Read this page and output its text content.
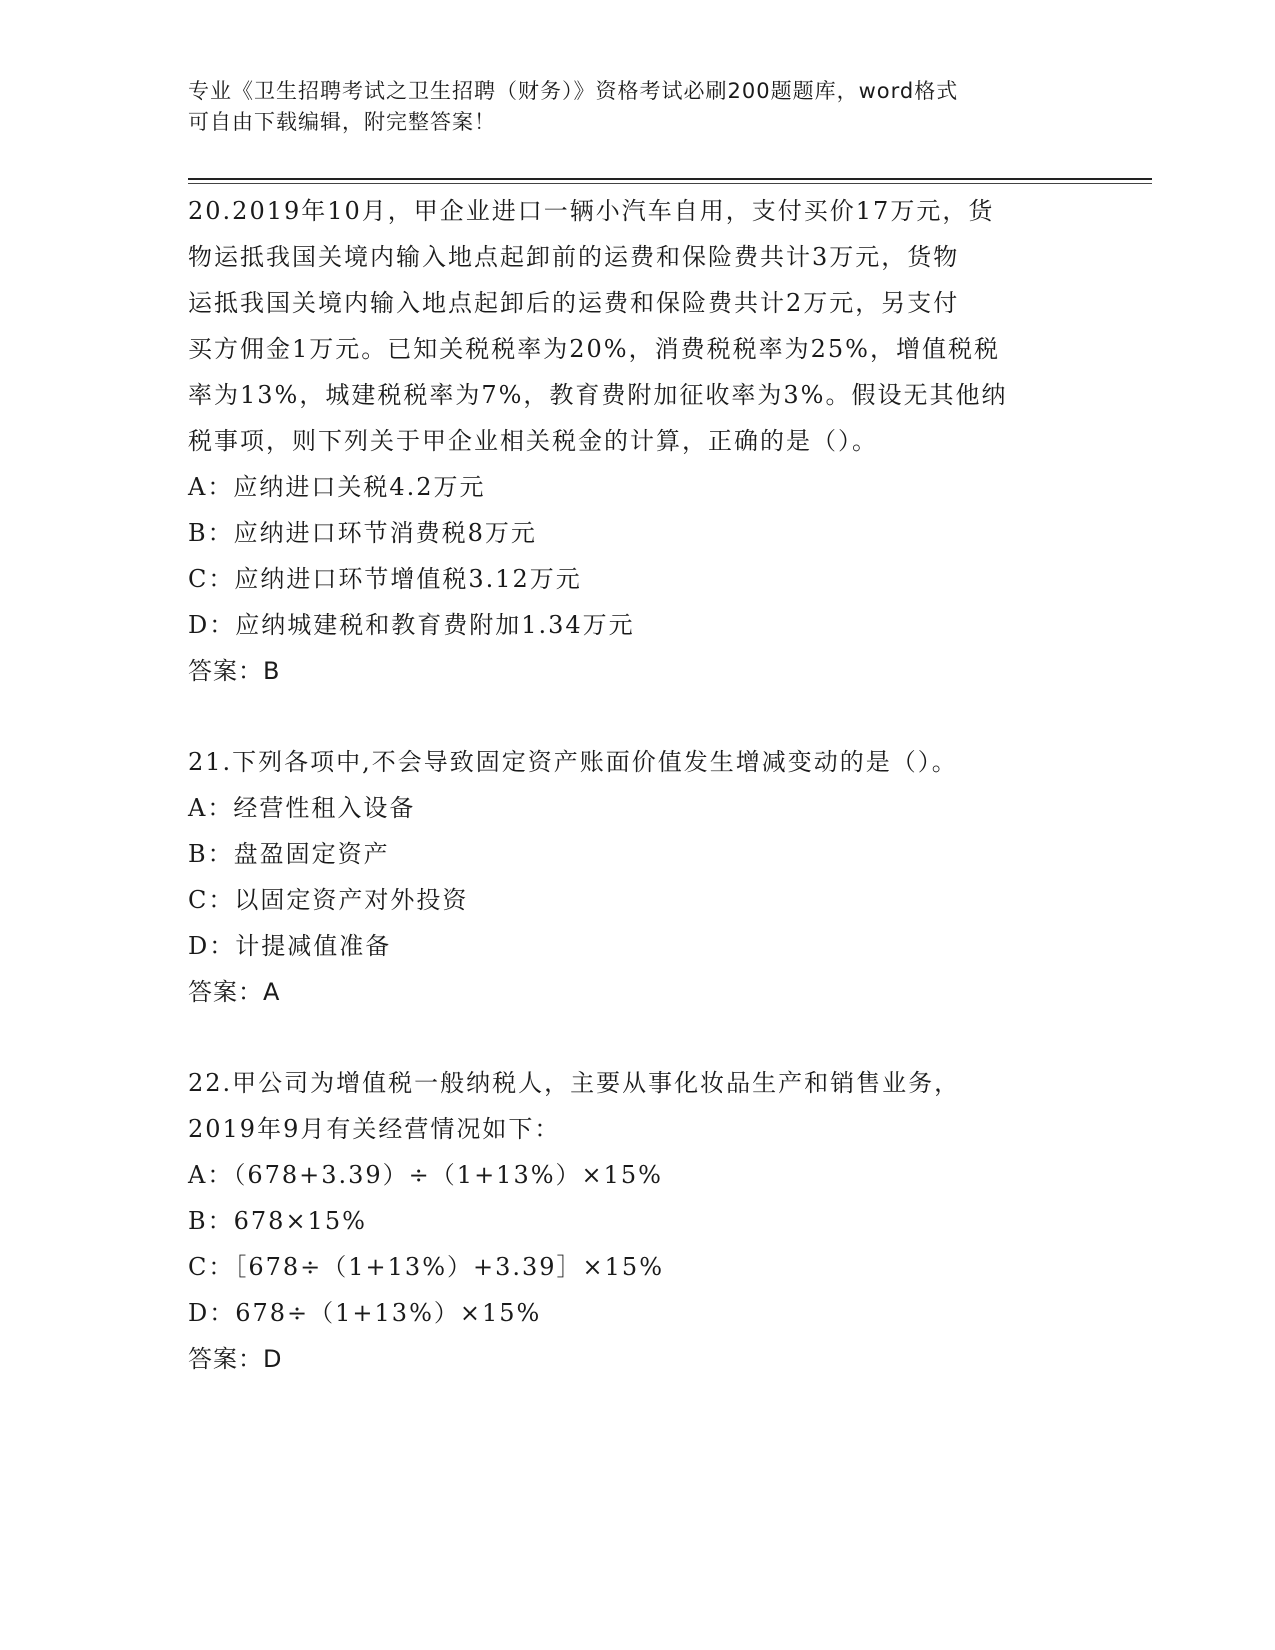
专业《卫生招聘考试之卫生招聘（财务）》资格考试必刷200题题库，word格式
可自由下载编辑，附完整答案！
20.2019年10月，甲企业进口一辆小汽车自用，支付买价17万元，货
物运抵我国关境内输入地点起卸前的运费和保险费共计3万元，货物
运抵我国关境内输入地点起卸后的运费和保险费共计2万元，另支付
买方佣金1万元。已知关税税率为20%，消费税税率为25%，增值税税
率为13%，城建税税率为7%，教育费附加征收率为3%。假设无其他纳
税事项，则下列关于甲企业相关税金的计算，正确的是（）。
A：应纳进口关税4.2万元
B：应纳进口环节消费税8万元
C：应纳进口环节增值税3.12万元
D：应纳城建税和教育费附加1.34万元
答案：B
21.下列各项中,不会导致固定资产账面价值发生增减变动的是（）。
A：经营性租入设备
B：盘盈固定资产
C：以固定资产对外投资
D：计提减值准备
答案：A
22.甲公司为增值税一般纳税人，主要从事化妆品生产和销售业务，
2019年9月有关经营情况如下：
A：（678+3.39）÷（1+13%）×15%
B：678×15%
C：［678÷（1+13%）+3.39］×15%
D：678÷（1+13%）×15%
答案：D
